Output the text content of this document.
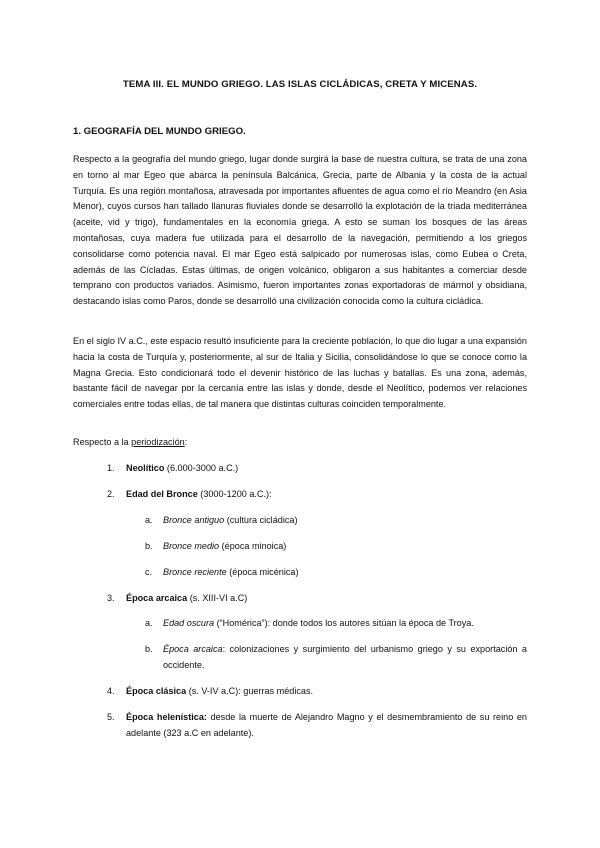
TEMA III. EL MUNDO GRIEGO. LAS ISLAS CICLÁDICAS, CRETA Y MICENAS.
1. GEOGRAFÍA DEL MUNDO GRIEGO.

Respecto a la geografía del mundo griego, lugar donde surgirá la base de nuestra cultura, se trata de una zona en torno al mar Egeo que abarca la península Balcánica, Grecia, parte de Albania y la costa de la actual Turquía. Es una región montañosa, atravesada por importantes afluentes de agua como el río Meandro (en Asia Menor), cuyos cursos han tallado llanuras fluviales donde se desarrolló la explotación de la triada mediterránea (aceite, vid y trigo), fundamentales en la economía griega. A esto se suman los bosques de las áreas montañosas, cuya madera fue utilizada para el desarrollo de la navegación, permitiendo a los griegos consolidarse como potencia naval. El mar Egeo está salpicado por numerosas islas, como Eubea o Creta, además de las Cícladas. Estas últimas, de origen volcánico, obligaron a sus habitantes a comerciar desde temprano con productos variados. Asimismo, fueron importantes zonas exportadoras de mármol y obsidiana, destacando islas como Paros, donde se desarrolló una civilización conocida como la cultura cicládica.

En el siglo IV a.C., este espacio resultó insuficiente para la creciente población, lo que dio lugar a una expansión hacia la costa de Turquía y, posteriormente, al sur de Italia y Sicilia, consolidándose lo que se conoce como la Magna Grecia. Esto condicionará todo el devenir histórico de las luchas y batallas. Es una zona, además, bastante fácil de navegar por la cercanía entre las islas y donde, desde el Neolítico, podemos ver relaciones comerciales entre todas ellas, de tal manera que distintas culturas coinciden temporalmente.

Respecto a la periodización:
1. Neolítico (6.000-3000 a.C.)
2. Edad del Bronce (3000-1200 a.C.):
a. Bronce antiguo (cultura cicládica)
b. Bronce medio (época minoica)
c. Bronce reciente (época micénica)
3. Época arcaica (s. XIII-VI a.C)
a. Edad oscura (“Homérica”): donde todos los autores sitúan la época de Troya.
b. Época arcaica: colonizaciones y surgimiento del urbanismo griego y su exportación a occidente.
4. Época clásica (s. V-IV a.C): guerras médicas.
5. Época helenística: desde la muerte de Alejandro Magno y el desmembramiento de su reino en adelante (323 a.C en adelante).
